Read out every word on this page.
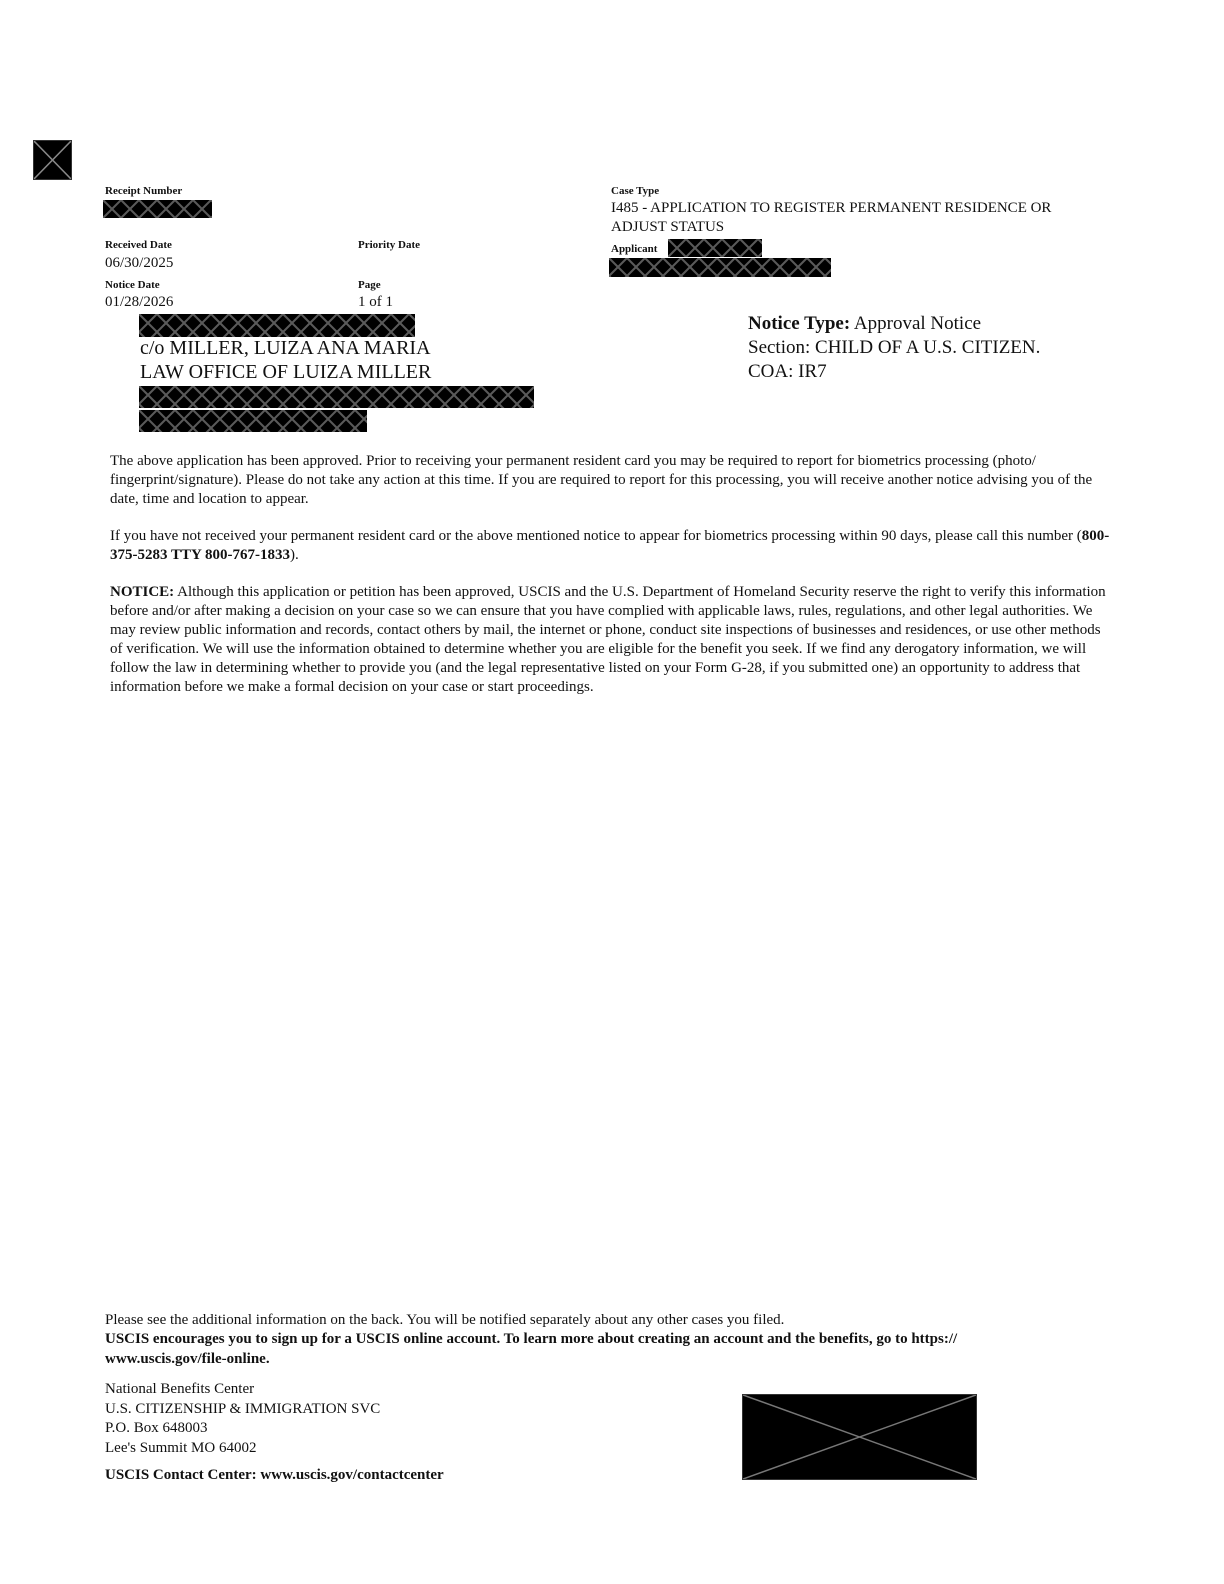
Receipt Number
Received Date
06/30/2025
Priority Date
Notice Date
01/28/2026
Page
1 of 1
Case Type
I485 - APPLICATION TO REGISTER PERMANENT RESIDENCE OR ADJUST STATUS
Applicant
c/o MILLER, LUIZA ANA MARIA
LAW OFFICE OF LUIZA MILLER
Notice Type: Approval Notice
Section: CHILD OF A U.S. CITIZEN.
COA: IR7

The above application has been approved. Prior to receiving your permanent resident card you may be required to report for biometrics processing (photo/ fingerprint/signature). Please do not take any action at this time. If you are required to report for this processing, you will receive another notice advising you of the date, time and location to appear.

If you have not received your permanent resident card or the above mentioned notice to appear for biometrics processing within 90 days, please call this number (800-375-5283 TTY 800-767-1833).

NOTICE: Although this application or petition has been approved, USCIS and the U.S. Department of Homeland Security reserve the right to verify this information before and/or after making a decision on your case so we can ensure that you have complied with applicable laws, rules, regulations, and other legal authorities. We may review public information and records, contact others by mail, the internet or phone, conduct site inspections of businesses and residences, or use other methods of verification. We will use the information obtained to determine whether you are eligible for the benefit you seek. If we find any derogatory information, we will follow the law in determining whether to provide you (and the legal representative listed on your Form G-28, if you submitted one) an opportunity to address that information before we make a formal decision on your case or start proceedings.

Please see the additional information on the back. You will be notified separately about any other cases you filed.
USCIS encourages you to sign up for a USCIS online account. To learn more about creating an account and the benefits, go to https:// www.uscis.gov/file-online.
National Benefits Center
U.S. CITIZENSHIP & IMMIGRATION SVC
P.O. Box 648003
Lee's Summit MO 64002
USCIS Contact Center: www.uscis.gov/contactcenter
